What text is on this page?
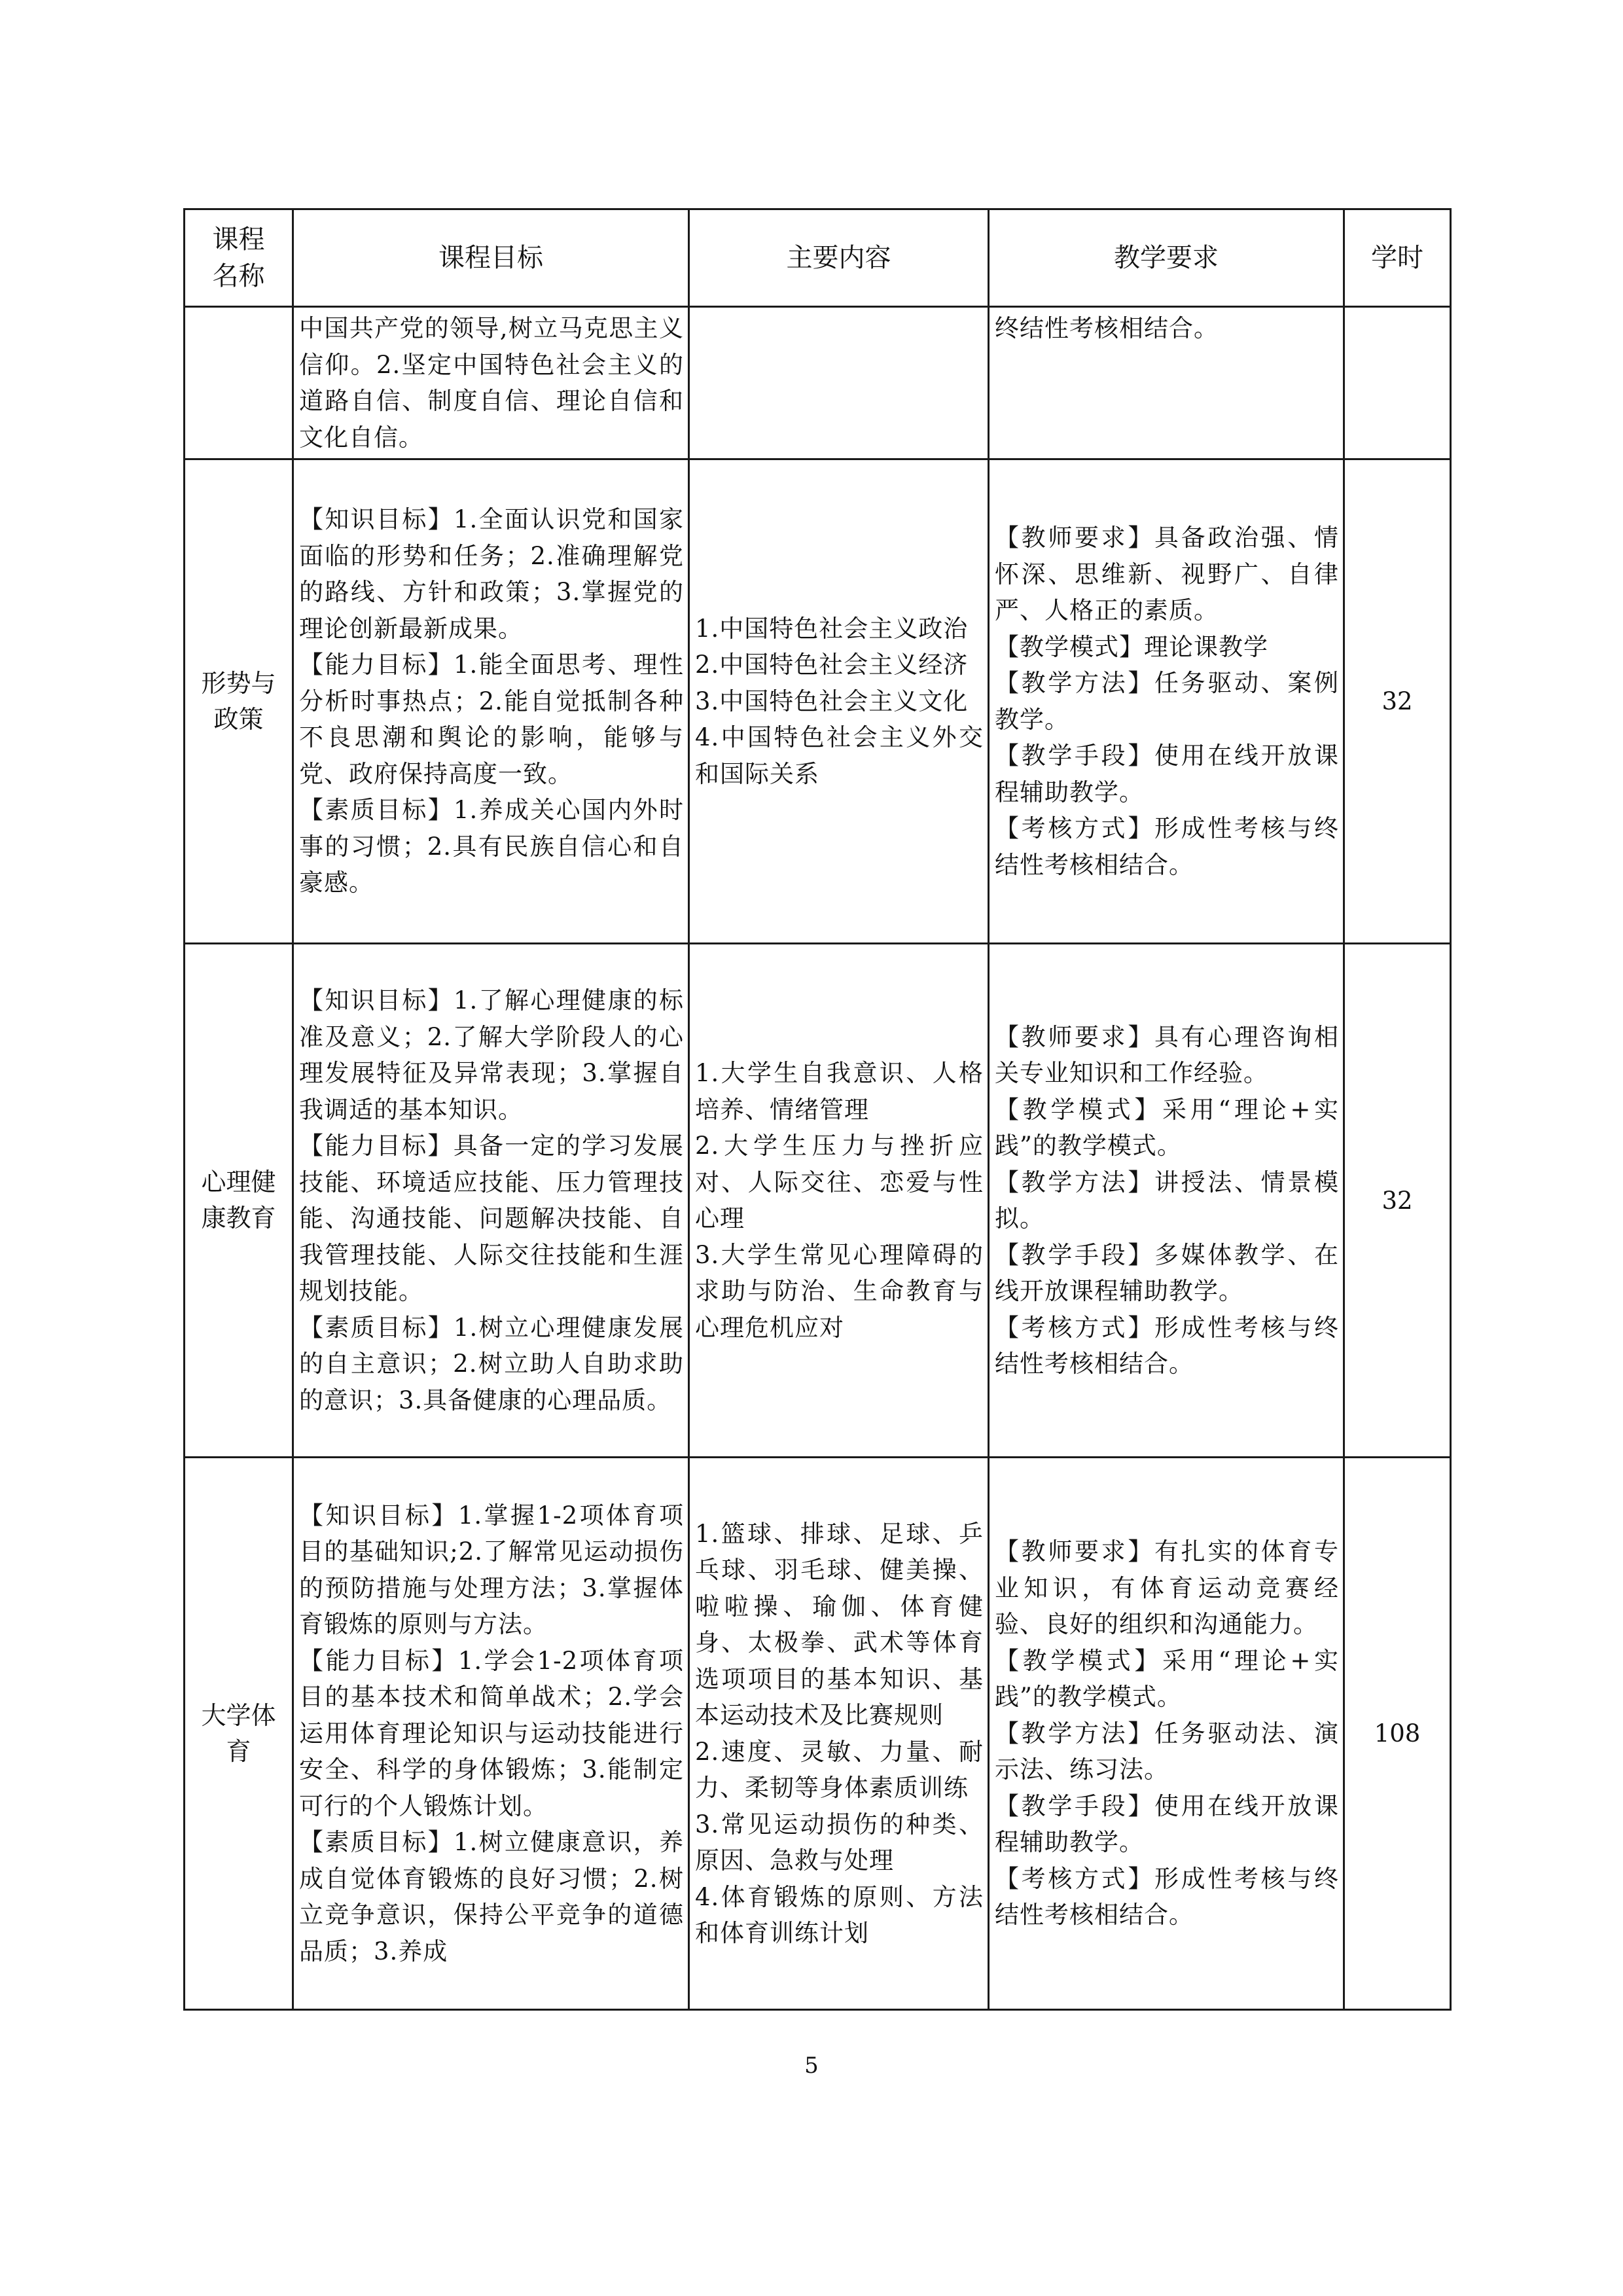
课程
名称	课程目标	主要内容	教学要求	学时
	中国共产党的领导,树立马克思主义信仰。2.坚定中国特色社会主义的道路自信、制度自信、理论自信和文化自信。		终结性考核相结合。	

形势与
政策	【知识目标】1.全面认识党和国家面临的形势和任务；2.准确理解党的路线、方针和政策；3.掌握党的理论创新最新成果。
【能力目标】1.能全面思考、理性分析时事热点；2.能自觉抵制各种不良思潮和舆论的影响，能够与党、政府保持高度一致。
【素质目标】1.养成关心国内外时事的习惯；2.具有民族自信心和自豪感。	1.中国特色社会主义政治
2.中国特色社会主义经济
3.中国特色社会主义文化
4.中国特色社会主义外交和国际关系	【教师要求】具备政治强、情怀深、思维新、视野广、自律严、人格正的素质。
【教学模式】理论课教学
【教学方法】任务驱动、案例教学。
【教学手段】使用在线开放课程辅助教学。
【考核方式】形成性考核与终结性考核相结合。	32

心理健
康教育	【知识目标】1.了解心理健康的标准及意义；2.了解大学阶段人的心理发展特征及异常表现；3.掌握自我调适的基本知识。
【能力目标】具备一定的学习发展技能、环境适应技能、压力管理技能、沟通技能、问题解决技能、自我管理技能、人际交往技能和生涯规划技能。
【素质目标】1.树立心理健康发展的自主意识；2.树立助人自助求助的意识；3.具备健康的心理品质。	1.大学生自我意识、人格培养、情绪管理
2.大学生压力与挫折应对、人际交往、恋爱与性心理
3.大学生常见心理障碍的求助与防治、生命教育与心理危机应对	【教师要求】具有心理咨询相关专业知识和工作经验。
【教学模式】采用“理论+实践”的教学模式。
【教学方法】讲授法、情景模拟。
【教学手段】多媒体教学、在线开放课程辅助教学。
【考核方式】形成性考核与终结性考核相结合。	32

大学体
育	【知识目标】1.掌握1-2项体育项目的基础知识;2.了解常见运动损伤的预防措施与处理方法；3.掌握体育锻炼的原则与方法。
【能力目标】1.学会1-2项体育项目的基本技术和简单战术；2.学会运用体育理论知识与运动技能进行安全、科学的身体锻炼；3.能制定可行的个人锻炼计划。
【素质目标】1.树立健康意识，养成自觉体育锻炼的良好习惯；2.树立竞争意识，保持公平竞争的道德品质；3.养成	1.篮球、排球、足球、乒乓球、羽毛球、健美操、啦啦操、瑜伽、体育健身、太极拳、武术等体育选项项目的基本知识、基本运动技术及比赛规则
2.速度、灵敏、力量、耐力、柔韧等身体素质训练
3.常见运动损伤的种类、原因、急救与处理
4.体育锻炼的原则、方法和体育训练计划	【教师要求】有扎实的体育专业知识，有体育运动竞赛经验、良好的组织和沟通能力。
【教学模式】采用“理论+实践”的教学模式。
【教学方法】任务驱动法、演示法、练习法。
【教学手段】使用在线开放课程辅助教学。
【考核方式】形成性考核与终结性考核相结合。	108
5
